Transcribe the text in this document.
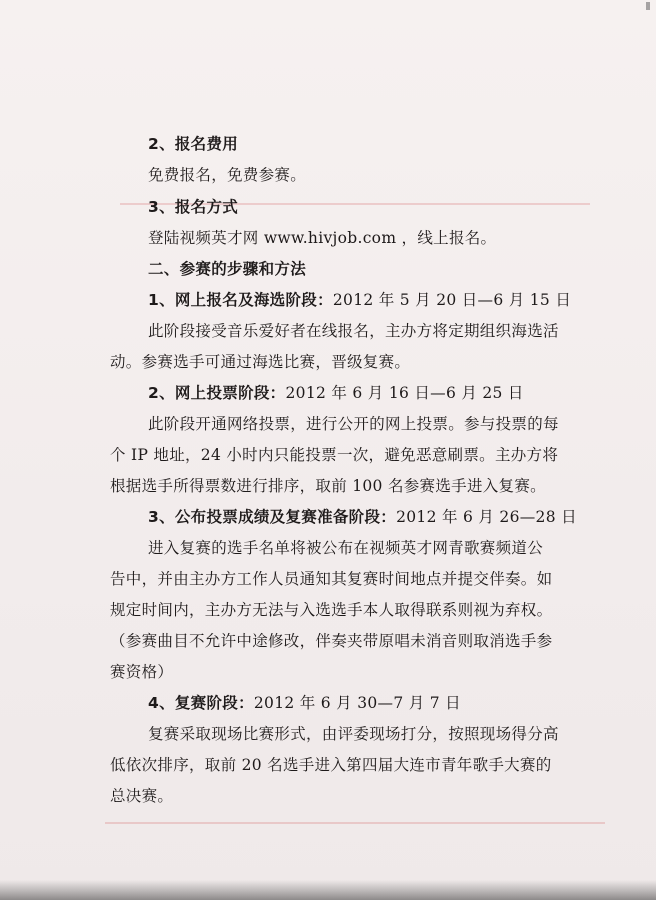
2、报名费用
免费报名，免费参赛。
3、报名方式
登陆视频英才网 www.hivjob.com ，线上报名。
二、参赛的步骤和方法
1、网上报名及海选阶段：2012 年 5 月 20 日—6 月 15 日
此阶段接受音乐爱好者在线报名，主办方将定期组织海选活
动。参赛选手可通过海选比赛，晋级复赛。
2、网上投票阶段：2012 年 6 月 16 日—6 月 25 日
此阶段开通网络投票，进行公开的网上投票。参与投票的每
个 IP 地址，24 小时内只能投票一次，避免恶意刷票。主办方将
根据选手所得票数进行排序，取前 100 名参赛选手进入复赛。
3、公布投票成绩及复赛准备阶段：2012 年 6 月 26—28 日
进入复赛的选手名单将被公布在视频英才网青歌赛频道公
告中，并由主办方工作人员通知其复赛时间地点并提交伴奏。如
规定时间内，主办方无法与入选选手本人取得联系则视为弃权。
（参赛曲目不允许中途修改，伴奏夹带原唱未消音则取消选手参
赛资格）
4、复赛阶段：2012 年 6 月 30—7 月 7 日
复赛采取现场比赛形式，由评委现场打分，按照现场得分高
低依次排序，取前 20 名选手进入第四届大连市青年歌手大赛的
总决赛。
